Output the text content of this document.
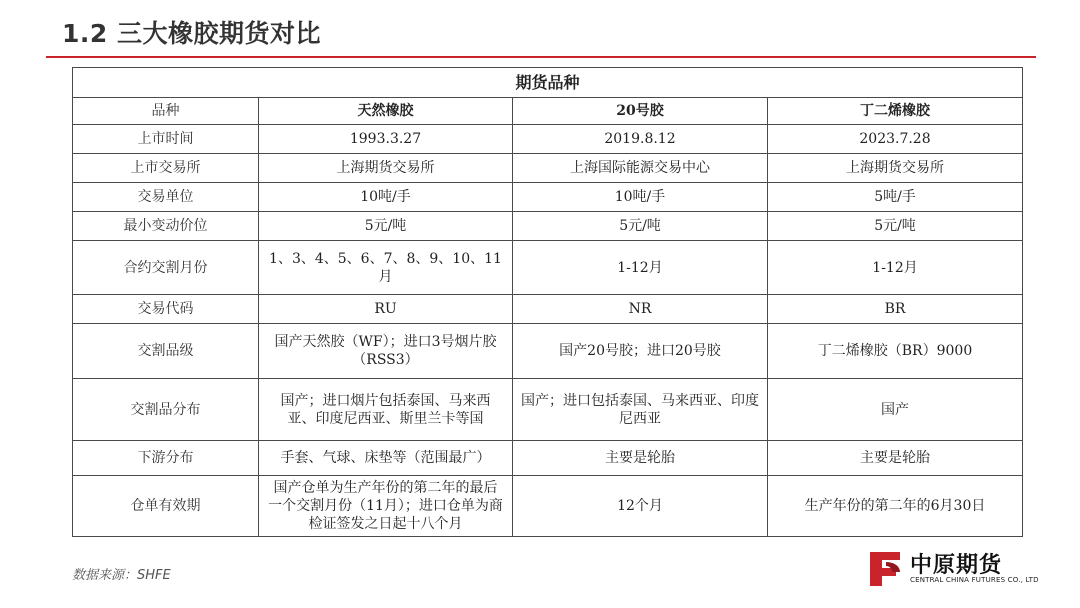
1.2 三大橡胶期货对比
期货品种			
品种	天然橡胶	20号胶	丁二烯橡胶
上市时间	1993.3.27	2019.8.12	2023.7.28
上市交易所	上海期货交易所	上海国际能源交易中心	上海期货交易所
交易单位	10吨/手	10吨/手	5吨/手
最小变动价位	5元/吨	5元/吨	5元/吨
合约交割月份	1、3、4、5、6、7、8、9、10、11月	1-12月	1-12月
交易代码	RU	NR	BR
交割品级	国产天然胶（WF）；进口3号烟片胶（RSS3）	国产20号胶；进口20号胶	丁二烯橡胶（BR）9000
交割品分布	国产；进口烟片包括泰国、马来西亚、印度尼西亚、斯里兰卡等国	国产；进口包括泰国、马来西亚、印度尼西亚	国产
下游分布	手套、气球、床垫等（范围最广）	主要是轮胎	主要是轮胎
仓单有效期	国产仓单为生产年份的第二年的最后一个交割月份（11月）；进口仓单为商检证签发之日起十八个月	12个月	生产年份的第二年的6月30日
数据来源：SHFE	中原期货
CENTRAL CHINA FUTURES CO., LTD
